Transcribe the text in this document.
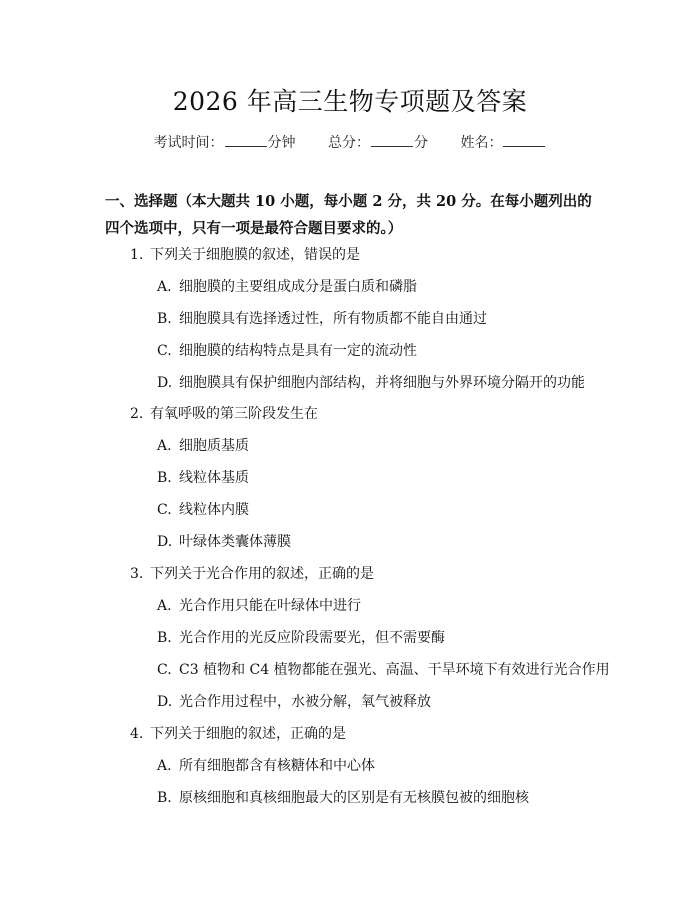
2026 年高三生物专项题及答案
考试时间：	分钟 总分：	分 姓名：
一、选择题（本大题共 10 小题，每小题 2 分，共 20 分。在每小题列出的四个选项中，只有一项是最符合题目要求的。）
1. 下列关于细胞膜的叙述，错误的是
A. 细胞膜的主要组成成分是蛋白质和磷脂
B. 细胞膜具有选择透过性，所有物质都不能自由通过
C. 细胞膜的结构特点是具有一定的流动性
D. 细胞膜具有保护细胞内部结构，并将细胞与外界环境分隔开的功能
2. 有氧呼吸的第三阶段发生在
A. 细胞质基质
B. 线粒体基质
C. 线粒体内膜
D. 叶绿体类囊体薄膜
3. 下列关于光合作用的叙述，正确的是
A. 光合作用只能在叶绿体中进行
B. 光合作用的光反应阶段需要光，但不需要酶
C. C3 植物和 C4 植物都能在强光、高温、干旱环境下有效进行光合作用
D. 光合作用过程中，水被分解，氧气被释放
4. 下列关于细胞的叙述，正确的是
A. 所有细胞都含有核糖体和中心体
B. 原核细胞和真核细胞最大的区别是有无核膜包被的细胞核
